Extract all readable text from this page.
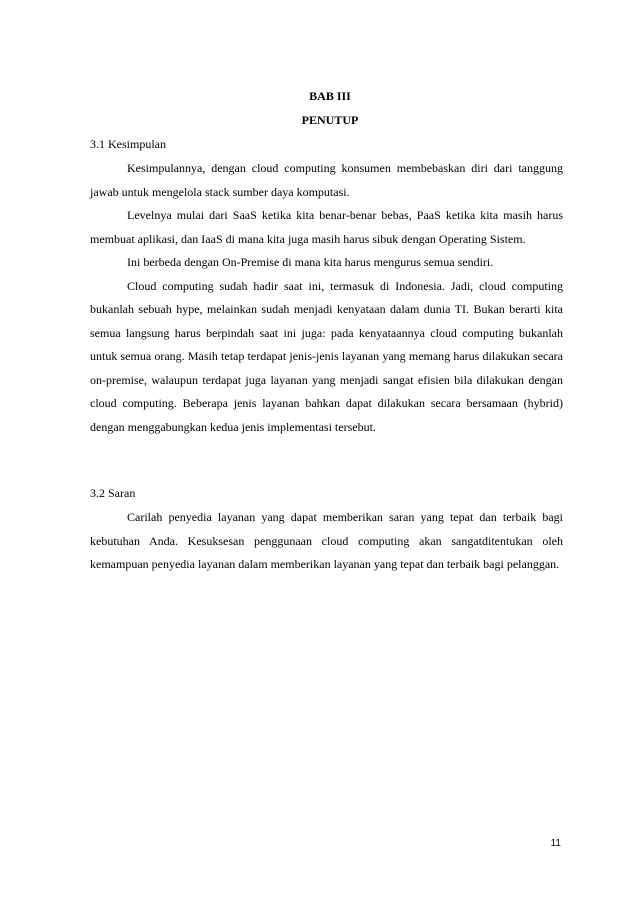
BAB III
PENUTUP
3.1 Kesimpulan

Kesimpulannya, dengan cloud computing konsumen membebaskan diri dari tanggung jawab untuk mengelola stack sumber daya komputasi.

Levelnya mulai dari SaaS ketika kita benar-benar bebas, PaaS ketika kita masih harus membuat aplikasi, dan IaaS di mana kita juga masih harus sibuk dengan Operating Sistem.

Ini berbeda dengan On-Premise di mana kita harus mengurus semua sendiri.

Cloud computing sudah hadir saat ini, termasuk di Indonesia. Jadi, cloud computing bukanlah sebuah hype, melainkan sudah menjadi kenyataan dalam dunia TI. Bukan berarti kita semua langsung harus berpindah saat ini juga: pada kenyataannya cloud computing bukanlah untuk semua orang. Masih tetap terdapat jenis-jenis layanan yang memang harus dilakukan secara on-premise, walaupun terdapat juga layanan yang menjadi sangat efisien bila dilakukan dengan cloud computing. Beberapa jenis layanan bahkan dapat dilakukan secara bersamaan (hybrid) dengan menggabungkan kedua jenis implementasi tersebut.

3.2 Saran

Carilah penyedia layanan yang dapat memberikan saran yang tepat dan terbaik bagi kebutuhan Anda. Kesuksesan penggunaan cloud computing akan sangatditentukan oleh kemampuan penyedia layanan dalam memberikan layanan yang tepat dan terbaik bagi pelanggan.

11
